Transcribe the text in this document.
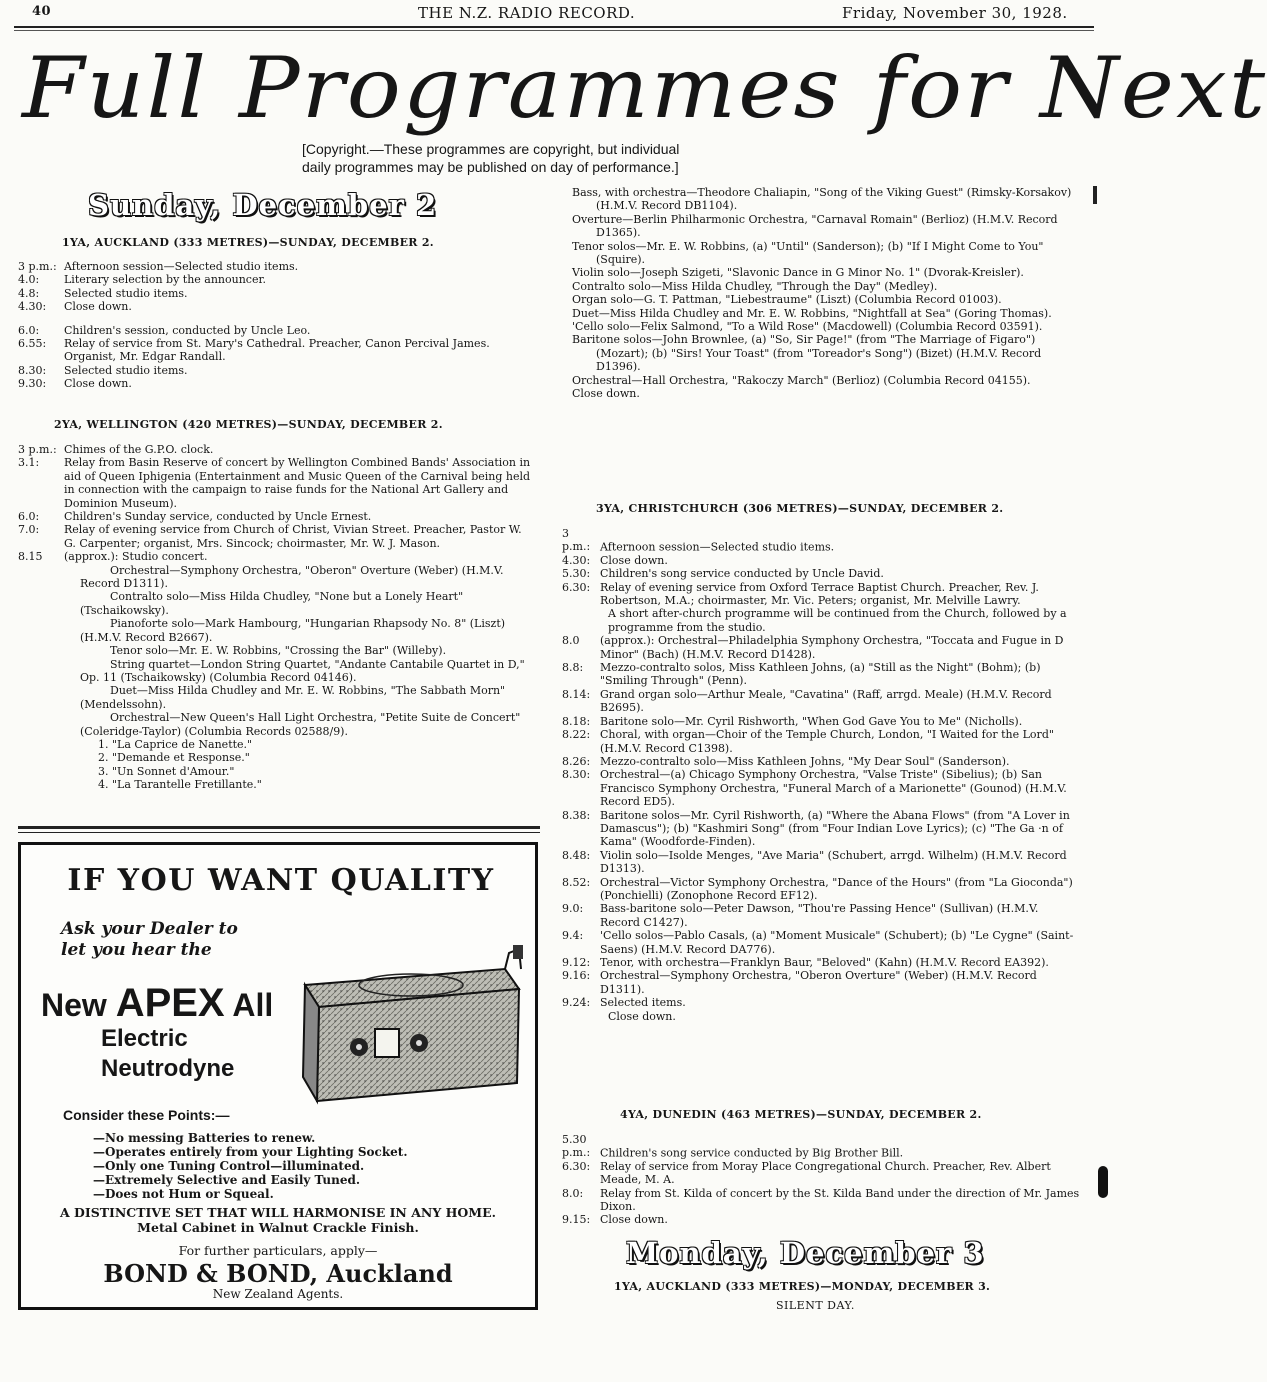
40	THE N.Z. RADIO RECORD.	Friday, November 30, 1928.
Full Programmes for Next
[Copyright.—These programmes are copyright, but individual
daily programmes may be published on day of performance.]
Sunday, December 2
1YA, AUCKLAND (333 METRES)—SUNDAY, DECEMBER 2.
3 p.m.: Afternoon session—Selected studio items.
4.0: Literary selection by the announcer.
4.8: Selected studio items.
4.30: Close down.
6.0: Children's session, conducted by Uncle Leo.
6.55: Relay of service from St. Mary's Cathedral. Preacher, Canon Percival James. Organist, Mr. Edgar Randall.
8.30: Selected studio items.
9.30: Close down.
2YA, WELLINGTON (420 METRES)—SUNDAY, DECEMBER 2.
3 p.m.: Chimes of the G.P.O. clock.
3.1: Relay from Basin Reserve of concert by Wellington Combined Bands' Association in aid of Queen Iphigenia (Entertainment and Music Queen of the Carnival being held in connection with the campaign to raise funds for the National Art Gallery and Dominion Museum).
6.0: Children's Sunday service, conducted by Uncle Ernest.
7.0: Relay of evening service from Church of Christ, Vivian Street. Preacher, Pastor W. G. Carpenter; organist, Mrs. Sincock; choirmaster, Mr. W. J. Mason.
8.15 (approx.): Studio concert.
Orchestral—Symphony Orchestra, "Oberon" Overture (Weber) (H.M.V. Record D1311).
Contralto solo—Miss Hilda Chudley, "None but a Lonely Heart" (Tschaikowsky).
Pianoforte solo—Mark Hambourg, "Hungarian Rhapsody No. 8" (Liszt) (H.M.V. Record B2667).
Tenor solo—Mr. E. W. Robbins, "Crossing the Bar" (Willeby).
String quartet—London String Quartet, "Andante Cantabile Quartet in D," Op. 11 (Tschaikowsky) (Columbia Record 04146).
Duet—Miss Hilda Chudley and Mr. E. W. Robbins, "The Sabbath Morn" (Mendelssohn).
Orchestral—New Queen's Hall Light Orchestra, "Petite Suite de Concert" (Coleridge-Taylor) (Columbia Records 02588/9).
1. "La Caprice de Nanette."
2. "Demande et Response."
3. "Un Sonnet d'Amour."
4. "La Tarantelle Fretillante."
Bass, with orchestra—Theodore Chaliapin, "Song of the Viking Guest" (Rimsky-Korsakov) (H.M.V. Record DB1104).
Overture—Berlin Philharmonic Orchestra, "Carnaval Romain" (Berlioz) (H.M.V. Record D1365).
Tenor solos—Mr. E. W. Robbins, (a) "Until" (Sanderson); (b) "If I Might Come to You" (Squire).
Violin solo—Joseph Szigeti, "Slavonic Dance in G Minor No. 1" (Dvorak-Kreisler).
Contralto solo—Miss Hilda Chudley, "Through the Day" (Medley).
Organ solo—G. T. Pattman, "Liebestraume" (Liszt) (Columbia Record 01003).
Duet—Miss Hilda Chudley and Mr. E. W. Robbins, "Nightfall at Sea" (Goring Thomas).
'Cello solo—Felix Salmond, "To a Wild Rose" (Macdowell) (Columbia Record 03591).
Baritone solos—John Brownlee, (a) "So, Sir Page!" (from "The Marriage of Figaro") (Mozart); (b) "Sirs! Your Toast" (from "Toreador's Song") (Bizet) (H.M.V. Record D1396).
Orchestral—Hall Orchestra, "Rakoczy March" (Berlioz) (Columbia Record 04155).
Close down.
3YA, CHRISTCHURCH (306 METRES)—SUNDAY, DECEMBER 2.
3 p.m.: Afternoon session—Selected studio items.
4.30: Close down.
5.30: Children's song service conducted by Uncle David.
6.30: Relay of evening service from Oxford Terrace Baptist Church. Preacher, Rev. J. Robertson, M.A.; choirmaster, Mr. Vic. Peters; organist, Mr. Melville Lawry.
A short after-church programme will be continued from the Church, followed by a programme from the studio.
8.0 (approx.): Orchestral—Philadelphia Symphony Orchestra, "Toccata and Fugue in D Minor" (Bach) (H.M.V. Record D1428).
8.8: Mezzo-contralto solos, Miss Kathleen Johns, (a) "Still as the Night" (Bohm); (b) "Smiling Through" (Penn).
8.14: Grand organ solo—Arthur Meale, "Cavatina" (Raff, arrgd. Meale) (H.M.V. Record B2695).
8.18: Baritone solo—Mr. Cyril Rishworth, "When God Gave You to Me" (Nicholls).
8.22: Choral, with organ—Choir of the Temple Church, London, "I Waited for the Lord" (H.M.V. Record C1398).
8.26: Mezzo-contralto solo—Miss Kathleen Johns, "My Dear Soul" (Sanderson).
8.30: Orchestral—(a) Chicago Symphony Orchestra, "Valse Triste" (Sibelius); (b) San Francisco Symphony Orchestra, "Funeral March of a Marionette" (Gounod) (H.M.V. Record ED5).
8.38: Baritone solos—Mr. Cyril Rishworth, (a) "Where the Abana Flows" (from "A Lover in Damascus"); (b) "Kashmiri Song" (from "Four Indian Love Lyrics); (c) "The Ga ·n of Kama" (Woodforde-Finden).
8.48: Violin solo—Isolde Menges, "Ave Maria" (Schubert, arrgd. Wilhelm) (H.M.V. Record D1313).
8.52: Orchestral—Victor Symphony Orchestra, "Dance of the Hours" (from "La Gioconda") (Ponchielli) (Zonophone Record EF12).
9.0: Bass-baritone solo—Peter Dawson, "Thou're Passing Hence" (Sullivan) (H.M.V. Record C1427).
9.4: 'Cello solos—Pablo Casals, (a) "Moment Musicale" (Schubert); (b) "Le Cygne" (Saint-Saens) (H.M.V. Record DA776).
9.12: Tenor, with orchestra—Franklyn Baur, "Beloved" (Kahn) (H.M.V. Record EA392).
9.16: Orchestral—Symphony Orchestra, "Oberon Overture" (Weber) (H.M.V. Record D1311).
9.24: Selected items.
Close down.
4YA, DUNEDIN (463 METRES)—SUNDAY, DECEMBER 2.
5.30 p.m.: Children's song service conducted by Big Brother Bill.
6.30: Relay of service from Moray Place Congregational Church. Preacher, Rev. Albert Meade, M. A.
8.0: Relay from St. Kilda of concert by the St. Kilda Band under the direction of Mr. James Dixon.
9.15: Close down.
Monday, December 3
1YA, AUCKLAND (333 METRES)—MONDAY, DECEMBER 3.
SILENT DAY.
IF YOU WANT QUALITY
Ask your Dealer to
let you hear the
New APEX All
Electric
Neutrodyne
Consider these Points:—
—No messing Batteries to renew.
—Operates entirely from your Lighting Socket.
—Only one Tuning Control—illuminated.
—Extremely Selective and Easily Tuned.
—Does not Hum or Squeal.
A DISTINCTIVE SET THAT WILL HARMONISE IN ANY HOME.
Metal Cabinet in Walnut Crackle Finish.
For further particulars, apply—
BOND & BOND, Auckland
New Zealand Agents.
